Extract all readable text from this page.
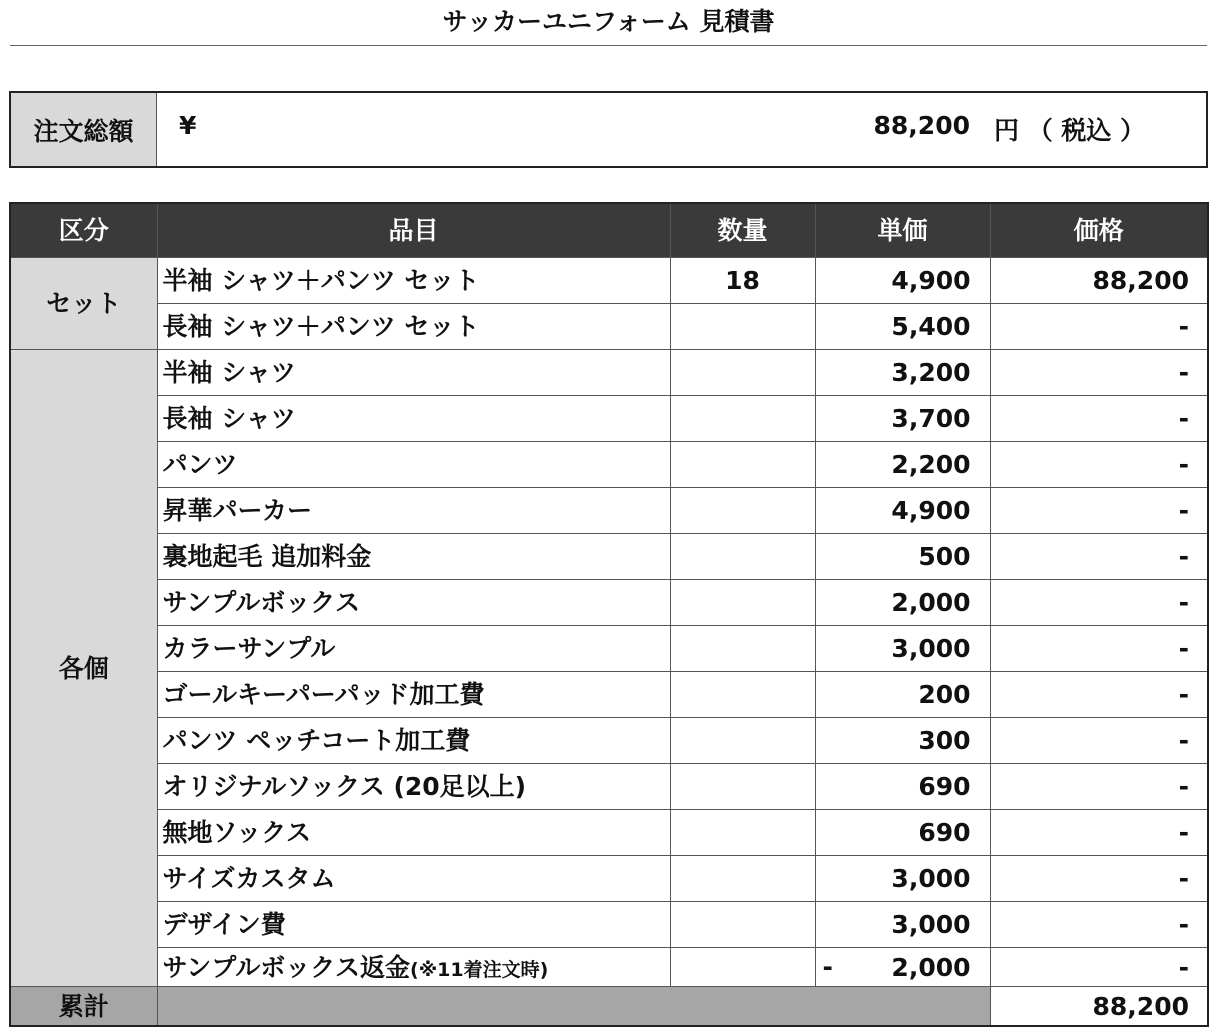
サッカーユニフォーム 見積書
注文総額	¥	88,200 円 （ 税込 ）
区分	品目	数量	単価	価格
セット	半袖 シャツ＋パンツ セット	18	4,900	88,200
	長袖 シャツ＋パンツ セット		5,400	-
各個	半袖 シャツ		3,200	-
	長袖 シャツ		3,700	-
	パンツ		2,200	-
	昇華パーカー		4,900	-
	裏地起毛 追加料金		500	-
	サンプルボックス		2,000	-
	カラーサンプル		3,000	-
	ゴールキーパーパッド加工費		200	-
	パンツ ペッチコート加工費		300	-
	オリジナルソックス (20足以上)		690	-
	無地ソックス		690	-
	サイズカスタム		3,000	-
	デザイン費		3,000	-
	サンプルボックス返金(※11着注文時)		- 2,000	-
累計				88,200
